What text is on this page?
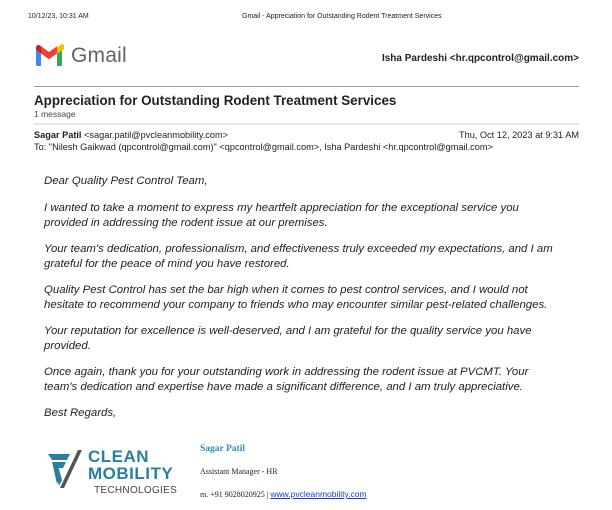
10/12/23, 10:31 AM	Gmail - Appreciation for Outstanding Rodent Treatment Services
Gmail	Isha Pardeshi <hr.qpcontrol@gmail.com>
Appreciation for Outstanding Rodent Treatment Services
1 message
Sagar Patil <sagar.patil@pvcleanmobility.com>	Thu, Oct 12, 2023 at 9:31 AM
To: "Nilesh Gaikwad (qpcontrol@gmail.com)" <qpcontrol@gmail.com>, Isha Pardeshi <hr.qpcontrol@gmail.com>

Dear Quality Pest Control Team,

I wanted to take a moment to express my heartfelt appreciation for the exceptional service you provided in addressing the rodent issue at our premises.

Your team's dedication, professionalism, and effectiveness truly exceeded my expectations, and I am grateful for the peace of mind you have restored.

Quality Pest Control has set the bar high when it comes to pest control services, and I would not hesitate to recommend your company to friends who may encounter similar pest-related challenges.

Your reputation for excellence is well-deserved, and I am grateful for the quality service you have provided.

Once again, thank you for your outstanding work in addressing the rodent issue at PVCMT. Your team's dedication and expertise have made a significant difference, and I am truly appreciative.

Best Regards,

CLEAN
MOBILITY
TECHNOLOGIES
Sagar Patil
Assistant Manager - HR
m. +91 9028020925 | www.pvcleanmobility.com
